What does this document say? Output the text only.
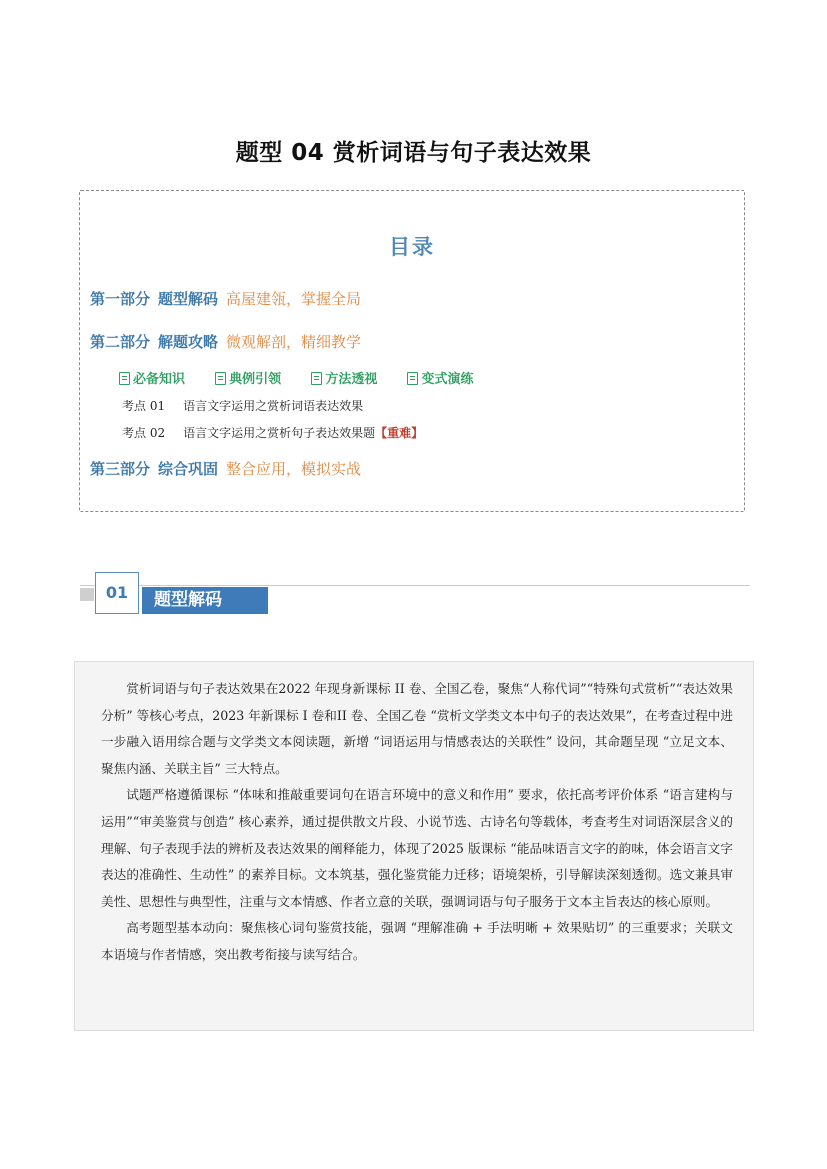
题型 04 赏析词语与句子表达效果
目录
第一部分 题型解码 高屋建瓴，掌握全局
第二部分 解题攻略 微观解剖，精细教学
必备知识	典例引领	方法透视	变式演练
考点 01 语言文字运用之赏析词语表达效果
考点 02 语言文字运用之赏析句子表达效果题【重难】
第三部分 综合巩固 整合应用，模拟实战
01	题型解码

赏析词语与句子表达效果在2022 年现身新课标 II 卷、全国乙卷，聚焦“人称代词”“特殊句式赏析”“表达效果分析” 等核心考点，2023 年新课标 I 卷和II 卷、全国乙卷 “赏析文学类文本中句子的表达效果”，在考查过程中进一步融入语用综合题与文学类文本阅读题，新增 “词语运用与情感表达的关联性” 设问，其命题呈现 “立足文本、聚焦内涵、关联主旨” 三大特点。

试题严格遵循课标 “体味和推敲重要词句在语言环境中的意义和作用” 要求，依托高考评价体系 “语言建构与运用”“审美鉴赏与创造” 核心素养，通过提供散文片段、小说节选、古诗名句等载体，考查考生对词语深层含义的理解、句子表现手法的辨析及表达效果的阐释能力，体现了2025 版课标 “能品味语言文字的韵味，体会语言文字表达的准确性、生动性” 的素养目标。文本筑基，强化鉴赏能力迁移；语境架桥，引导解读深刻透彻。选文兼具审美性、思想性与典型性，注重与文本情感、作者立意的关联，强调词语与句子服务于文本主旨表达的核心原则。

高考题型基本动向：聚焦核心词句鉴赏技能，强调 “理解准确 + 手法明晰 + 效果贴切” 的三重要求；关联文本语境与作者情感，突出教考衔接与读写结合。
